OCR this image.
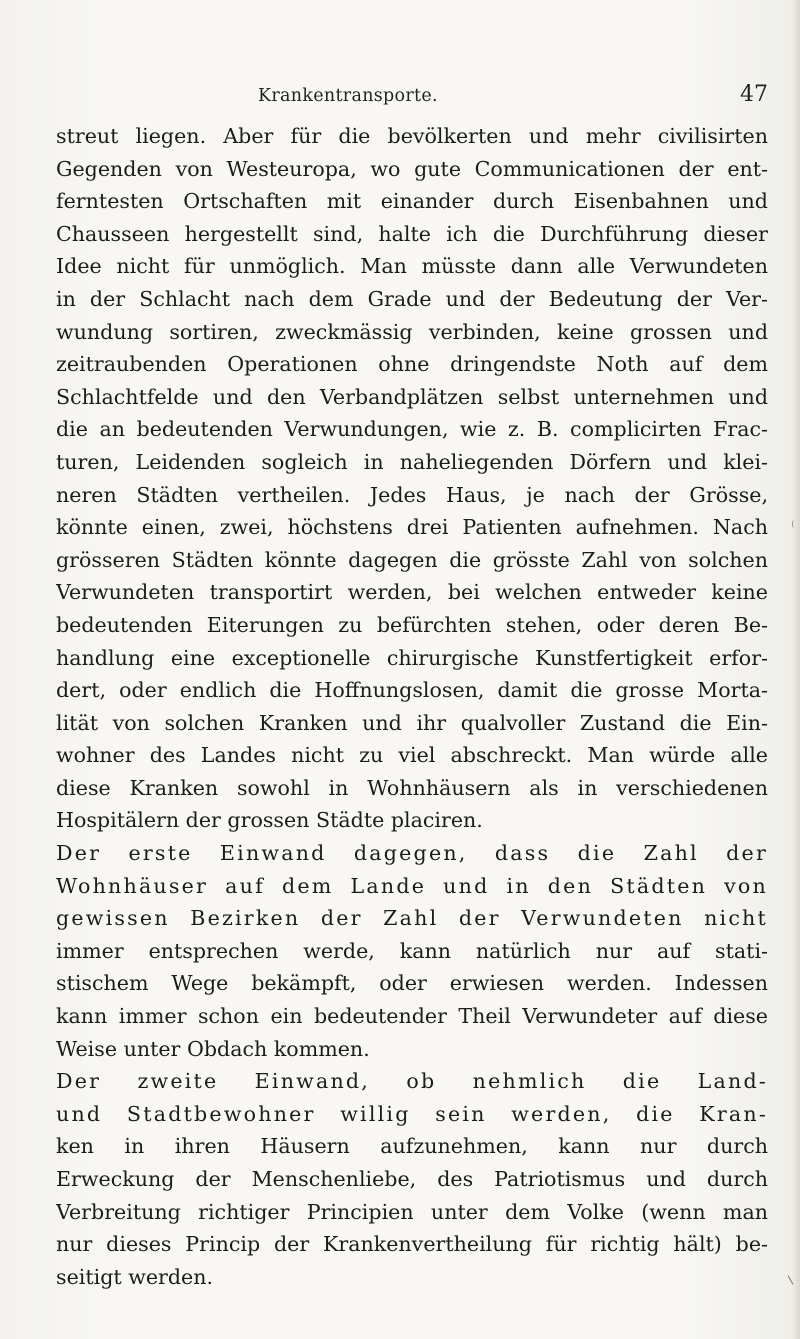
Krankentransporte.	47
streut liegen. Aber für die bevölkerten und mehr civilisirten
Gegenden von Westeuropa, wo gute Communicationen der ent-
ferntesten Ortschaften mit einander durch Eisenbahnen und
Chausseen hergestellt sind, halte ich die Durchführung dieser
Idee nicht für unmöglich. Man müsste dann alle Verwundeten
in der Schlacht nach dem Grade und der Bedeutung der Ver-
wundung sortiren, zweckmässig verbinden, keine grossen und
zeitraubenden Operationen ohne dringendste Noth auf dem
Schlachtfelde und den Verbandplätzen selbst unternehmen und
die an bedeutenden Verwundungen, wie z. B. complicirten Frac-
turen, Leidenden sogleich in naheliegenden Dörfern und klei-
neren Städten vertheilen. Jedes Haus, je nach der Grösse,
könnte einen, zwei, höchstens drei Patienten aufnehmen. Nach
grösseren Städten könnte dagegen die grösste Zahl von solchen
Verwundeten transportirt werden, bei welchen entweder keine
bedeutenden Eiterungen zu befürchten stehen, oder deren Be-
handlung eine exceptionelle chirurgische Kunstfertigkeit erfor-
dert, oder endlich die Hoffnungslosen, damit die grosse Morta-
lität von solchen Kranken und ihr qualvoller Zustand die Ein-
wohner des Landes nicht zu viel abschreckt. Man würde alle
diese Kranken sowohl in Wohnhäusern als in verschiedenen
Hospitälern der grossen Städte placiren.
Der erste Einwand dagegen, dass die Zahl der
Wohnhäuser auf dem Lande und in den Städten von
gewissen Bezirken der Zahl der Verwundeten nicht
immer entsprechen werde, kann natürlich nur auf stati-
stischem Wege bekämpft, oder erwiesen werden. Indessen
kann immer schon ein bedeutender Theil Verwundeter auf diese
Weise unter Obdach kommen.
Der zweite Einwand, ob nehmlich die Land-
und Stadtbewohner willig sein werden, die Kran-
ken in ihren Häusern aufzunehmen, kann nur durch
Erweckung der Menschenliebe, des Patriotismus und durch
Verbreitung richtiger Principien unter dem Volke (wenn man
nur dieses Princip der Krankenvertheilung für richtig hält) be-
seitigt werden.
